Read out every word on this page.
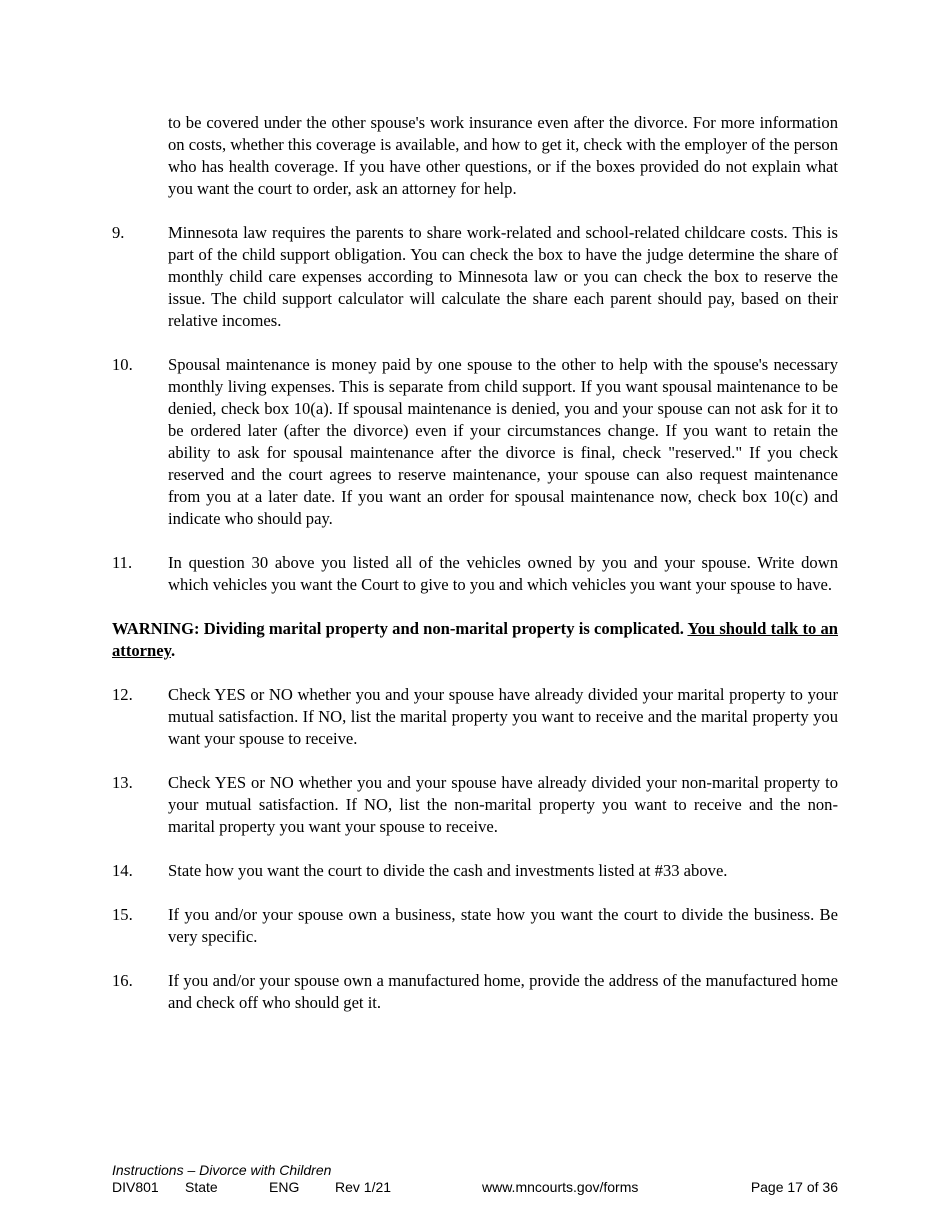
to be covered under the other spouse's work insurance even after the divorce. For more information on costs, whether this coverage is available, and how to get it, check with the employer of the person who has health coverage. If you have other questions, or if the boxes provided do not explain what you want the court to order, ask an attorney for help.
9.	Minnesota law requires the parents to share work-related and school-related childcare costs. This is part of the child support obligation. You can check the box to have the judge determine the share of monthly child care expenses according to Minnesota law or you can check the box to reserve the issue. The child support calculator will calculate the share each parent should pay, based on their relative incomes.
10. Spousal maintenance is money paid by one spouse to the other to help with the spouse's necessary monthly living expenses. This is separate from child support. If you want spousal maintenance to be denied, check box 10(a). If spousal maintenance is denied, you and your spouse can not ask for it to be ordered later (after the divorce) even if your circumstances change. If you want to retain the ability to ask for spousal maintenance after the divorce is final, check "reserved." If you check reserved and the court agrees to reserve maintenance, your spouse can also request maintenance from you at a later date. If you want an order for spousal maintenance now, check box 10(c) and indicate who should pay.
11. In question 30 above you listed all of the vehicles owned by you and your spouse. Write down which vehicles you want the Court to give to you and which vehicles you want your spouse to have.
WARNING: Dividing marital property and non-marital property is complicated. You should talk to an attorney.
12. Check YES or NO whether you and your spouse have already divided your marital property to your mutual satisfaction. If NO, list the marital property you want to receive and the marital property you want your spouse to receive.
13. Check YES or NO whether you and your spouse have already divided your non-marital property to your mutual satisfaction. If NO, list the non-marital property you want to receive and the non-marital property you want your spouse to receive.
14. State how you want the court to divide the cash and investments listed at #33 above.
15. If you and/or your spouse own a business, state how you want the court to divide the business. Be very specific.
16. If you and/or your spouse own a manufactured home, provide the address of the manufactured home and check off who should get it.
Instructions – Divorce with Children
DIV801 State	ENG	Rev 1/21	www.mncourts.gov/forms	Page 17 of 36
